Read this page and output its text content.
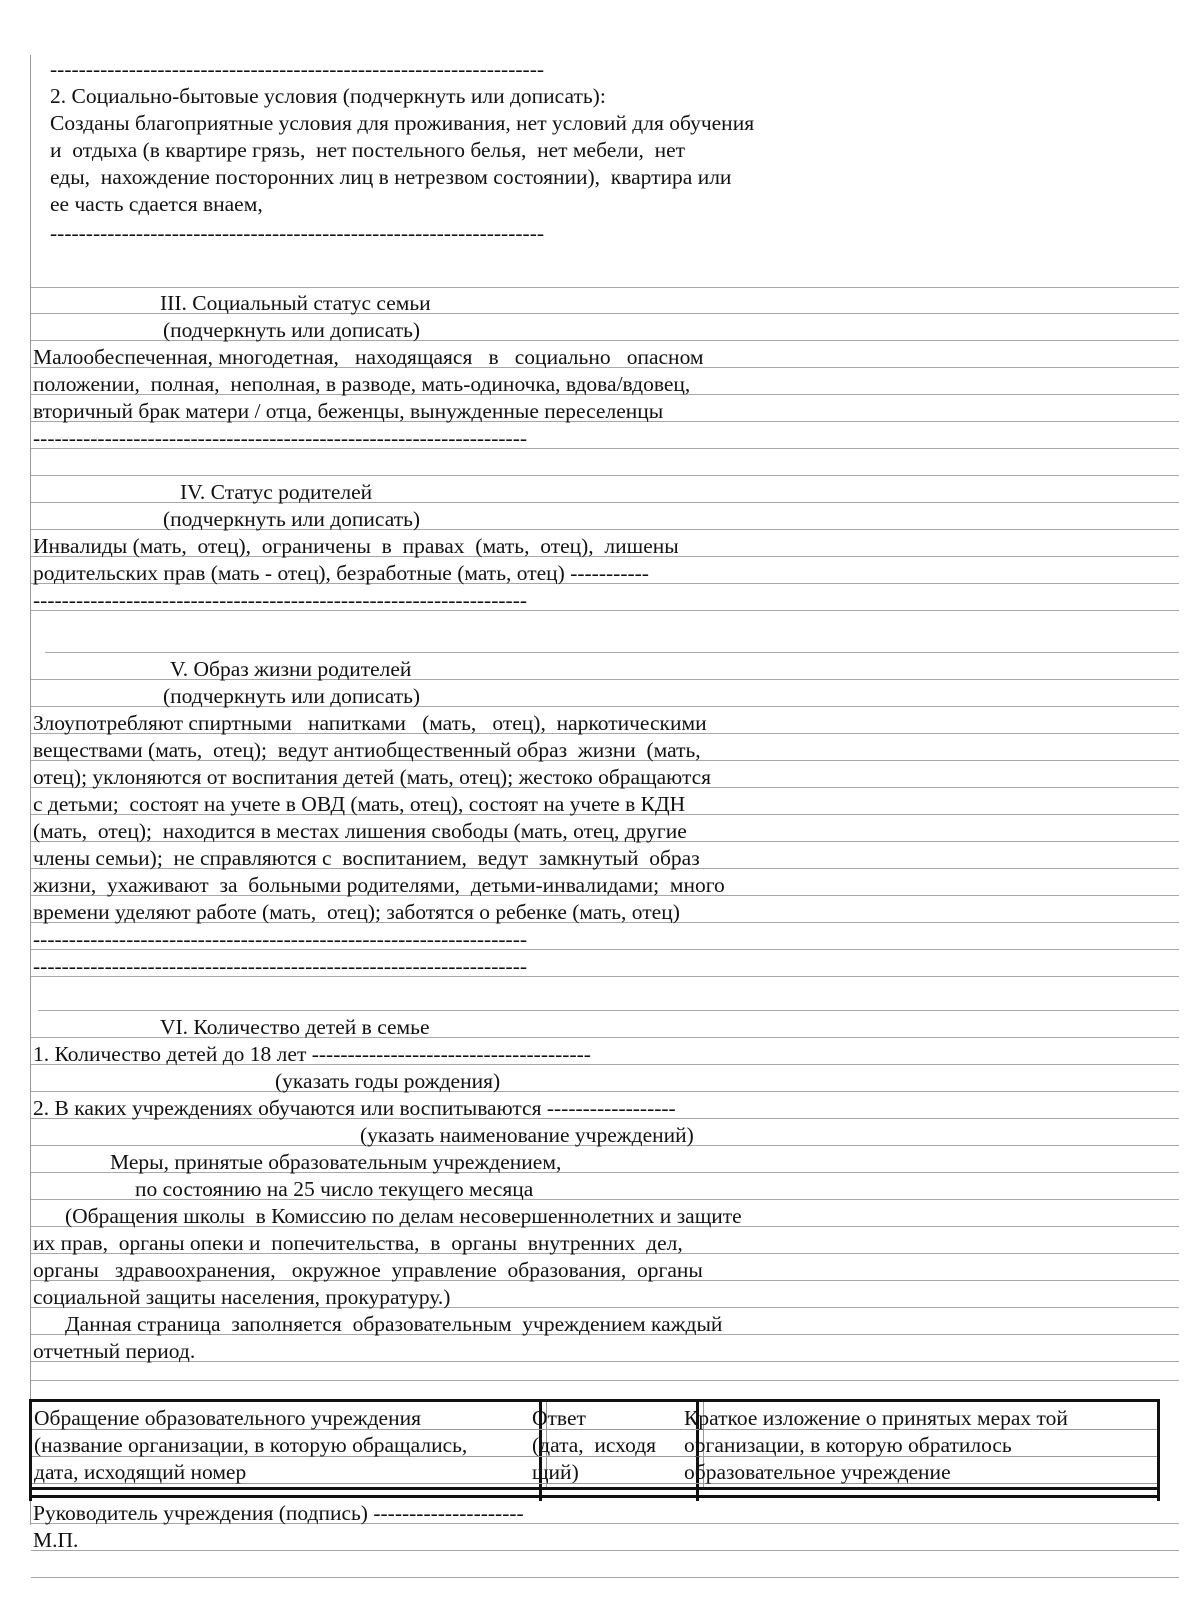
---------------------------------------------------------------------
2. Социально-бытовые условия (подчеркнуть или дописать):
Созданы благоприятные условия для проживания, нет условий для обучения
и  отдыха (в квартире грязь,  нет постельного белья,  нет мебели,  нет
еды,  нахождение посторонних лиц в нетрезвом состоянии),  квартира или
ее часть сдается внаем,
---------------------------------------------------------------------
III. Социальный статус семьи
(подчеркнуть или дописать)
Малообеспеченная, многодетная,   находящаяся   в   социально   опасном
положении,  полная,  неполная, в разводе, мать-одиночка, вдова/вдовец,
вторичный брак матери / отца, беженцы, вынужденные переселенцы
---------------------------------------------------------------------
IV. Статус родителей
(подчеркнуть или дописать)
Инвалиды (мать,  отец),  ограничены  в  правах  (мать,  отец),  лишены
родительских прав (мать - отец), безработные (мать, отец) -----------
---------------------------------------------------------------------
V. Образ жизни родителей
(подчеркнуть или дописать)
Злоупотребляют спиртными   напитками   (мать,   отец),  наркотическими
веществами (мать,  отец);  ведут антиобщественный образ  жизни  (мать,
отец); уклоняются от воспитания детей (мать, отец); жестоко обращаются
с детьми;  состоят на учете в ОВД (мать, отец), состоят на учете в КДН
(мать,  отец);  находится в местах лишения свободы (мать, отец, другие
члены семьи);  не справляются с  воспитанием,  ведут  замкнутый  образ
жизни,  ухаживают  за  больными родителями,  детьми-инвалидами;  много
времени уделяют работе (мать,  отец); заботятся о ребенке (мать, отец)
---------------------------------------------------------------------
---------------------------------------------------------------------
VI. Количество детей в семье
1. Количество детей до 18 лет ---------------------------------------
(указать годы рождения)
2. В каких учреждениях обучаются или воспитываются ------------------
(указать наименование учреждений)
Меры, принятые образовательным учреждением,
по состоянию на 25 число текущего месяца
(Обращения школы  в Комиссию по делам несовершеннолетних и защите
их прав,  органы опеки и  попечительства,  в  органы  внутренних  дел,
органы   здравоохранения,   окружное  управление  образования,  органы
социальной защиты населения, прокуратуру.)
Данная страница  заполняется  образовательным  учреждением каждый
отчетный период.
Обращение образовательного учреждения
(название организации, в которую обращались,
дата, исходящий номер
Ответ
(дата,  исходя
щий)
Краткое изложение о принятых мерах той
организации, в которую обратилось
образовательное учреждение
Руководитель учреждения (подпись) ---------------------
М.П.
